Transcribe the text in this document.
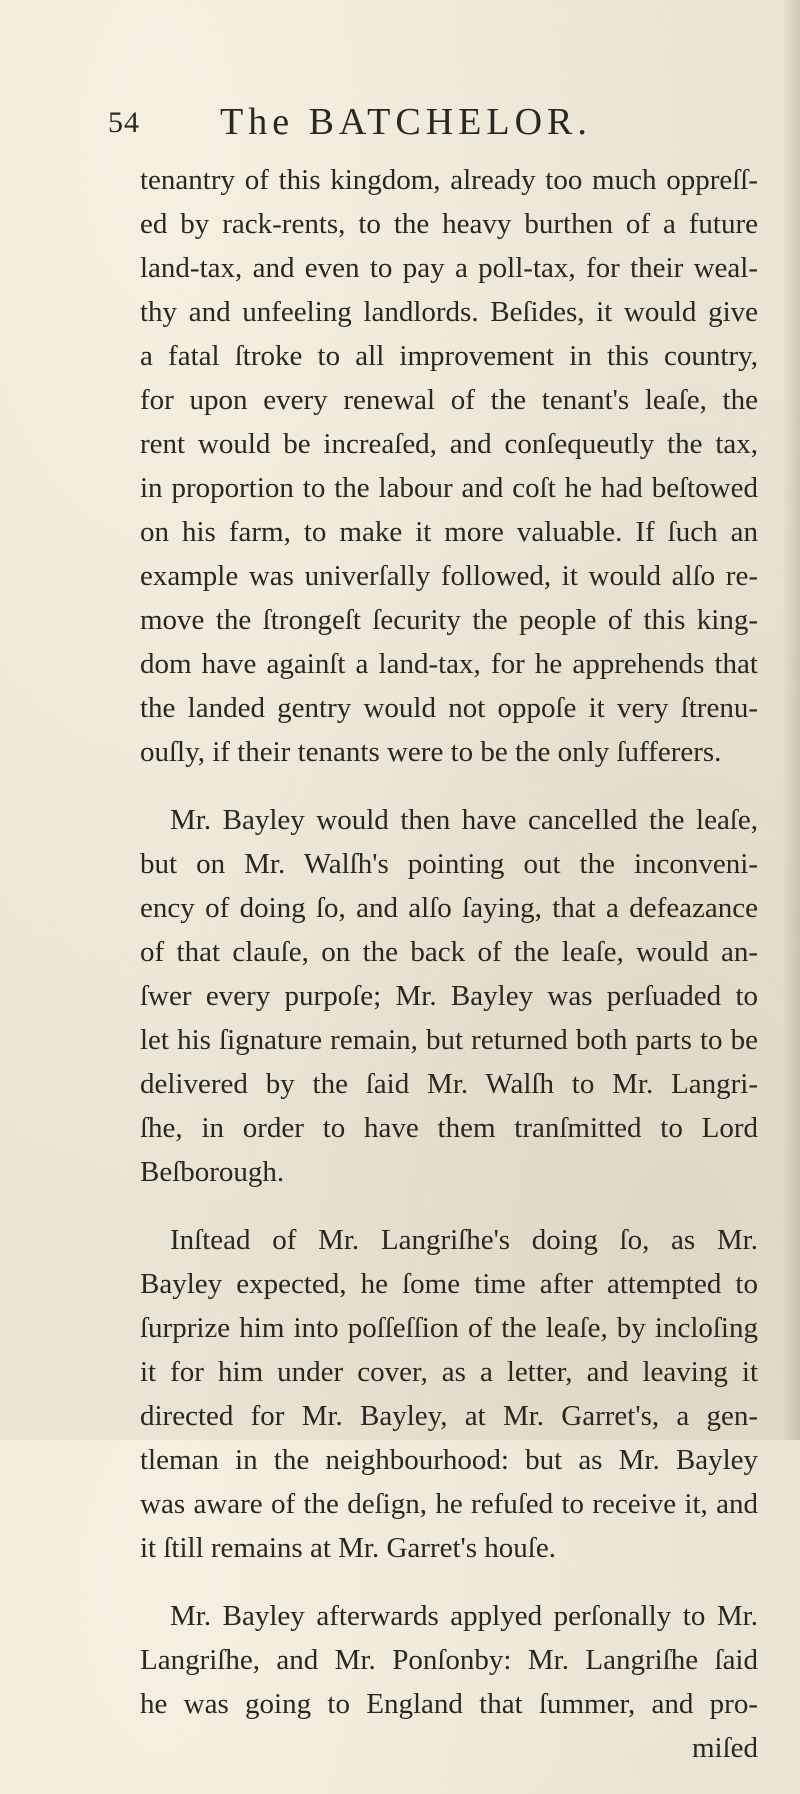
54 The BATCHELOR.
tenantry of this kingdom, already too much oppreſſ-
ed by rack-rents, to the heavy burthen of a future
land-tax, and even to pay a poll-tax, for their weal-
thy and unfeeling landlords. Beſides, it would give
a fatal ſtroke to all improvement in this country,
for upon every renewal of the tenant's leaſe, the
rent would be increaſed, and conſequeutly the tax,
in proportion to the labour and coſt he had beſtowed
on his farm, to make it more valuable. If ſuch an
example was univerſally followed, it would alſo re-
move the ſtrongeſt ſecurity the people of this king-
dom have againſt a land-tax, for he apprehends that
the landed gentry would not oppoſe it very ſtrenu-
ouſly, if their tenants were to be the only ſufferers.
Mr. Bayley would then have cancelled the leaſe,
but on Mr. Walſh's pointing out the inconveni-
ency of doing ſo, and alſo ſaying, that a defeazance
of that clauſe, on the back of the leaſe, would an-
ſwer every purpoſe; Mr. Bayley was perſuaded to
let his ſignature remain, but returned both parts to be
delivered by the ſaid Mr. Walſh to Mr. Langri-
ſhe, in order to have them tranſmitted to Lord
Beſborough.
Inſtead of Mr. Langriſhe's doing ſo, as Mr.
Bayley expected, he ſome time after attempted to
ſurprize him into poſſeſſion of the leaſe, by incloſing
it for him under cover, as a letter, and leaving it
directed for Mr. Bayley, at Mr. Garret's, a gen-
tleman in the neighbourhood: but as Mr. Bayley
was aware of the deſign, he refuſed to receive it, and
it ſtill remains at Mr. Garret's houſe.
Mr. Bayley afterwards applyed perſonally to Mr.
Langriſhe, and Mr. Ponſonby: Mr. Langriſhe ſaid
he was going to England that ſummer, and pro-
miſed
